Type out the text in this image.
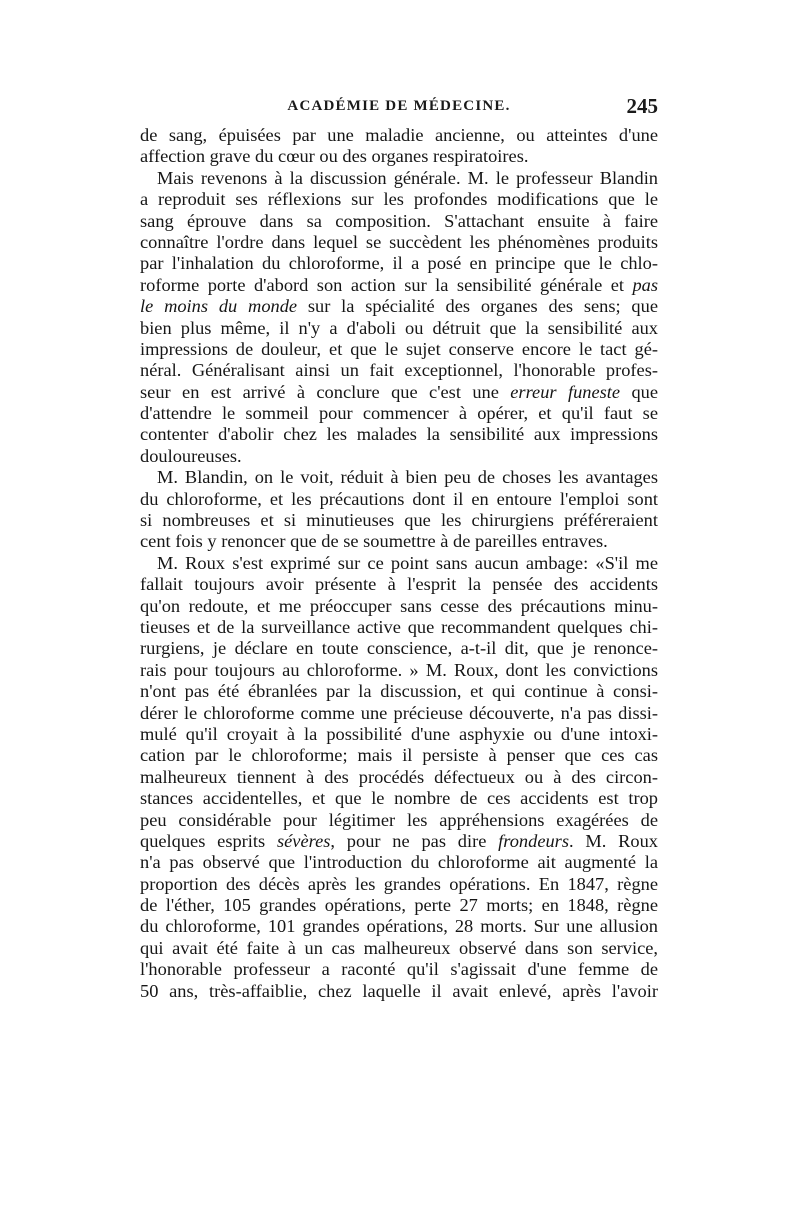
ACADÉMIE DE MÉDECINE.	245
de sang, épuisées par une maladie ancienne, ou atteintes d'une
affection grave du cœur ou des organes respiratoires.
Mais revenons à la discussion générale. M. le professeur Blandin
a reproduit ses réflexions sur les profondes modifications que le
sang éprouve dans sa composition. S'attachant ensuite à faire
connaître l'ordre dans lequel se succèdent les phénomènes produits
par l'inhalation du chloroforme, il a posé en principe que le chlo-
roforme porte d'abord son action sur la sensibilité générale et pas
le moins du monde sur la spécialité des organes des sens; que
bien plus même, il n'y a d'aboli ou détruit que la sensibilité aux
impressions de douleur, et que le sujet conserve encore le tact gé-
néral. Généralisant ainsi un fait exceptionnel, l'honorable profes-
seur en est arrivé à conclure que c'est une erreur funeste que
d'attendre le sommeil pour commencer à opérer, et qu'il faut se
contenter d'abolir chez les malades la sensibilité aux impressions
douloureuses.
M. Blandin, on le voit, réduit à bien peu de choses les avantages
du chloroforme, et les précautions dont il en entoure l'emploi sont
si nombreuses et si minutieuses que les chirurgiens préféreraient
cent fois y renoncer que de se soumettre à de pareilles entraves.
M. Roux s'est exprimé sur ce point sans aucun ambage: «S'il me
fallait toujours avoir présente à l'esprit la pensée des accidents
qu'on redoute, et me préoccuper sans cesse des précautions minu-
tieuses et de la surveillance active que recommandent quelques chi-
rurgiens, je déclare en toute conscience, a-t-il dit, que je renonce-
rais pour toujours au chloroforme. » M. Roux, dont les convictions
n'ont pas été ébranlées par la discussion, et qui continue à consi-
dérer le chloroforme comme une précieuse découverte, n'a pas dissi-
mulé qu'il croyait à la possibilité d'une asphyxie ou d'une intoxi-
cation par le chloroforme; mais il persiste à penser que ces cas
malheureux tiennent à des procédés défectueux ou à des circon-
stances accidentelles, et que le nombre de ces accidents est trop
peu considérable pour légitimer les appréhensions exagérées de
quelques esprits sévères, pour ne pas dire frondeurs. M. Roux
n'a pas observé que l'introduction du chloroforme ait augmenté la
proportion des décès après les grandes opérations. En 1847, règne
de l'éther, 105 grandes opérations, perte 27 morts; en 1848, règne
du chloroforme, 101 grandes opérations, 28 morts. Sur une allusion
qui avait été faite à un cas malheureux observé dans son service,
l'honorable professeur a raconté qu'il s'agissait d'une femme de
50 ans, très-affaiblie, chez laquelle il avait enlevé, après l'avoir
